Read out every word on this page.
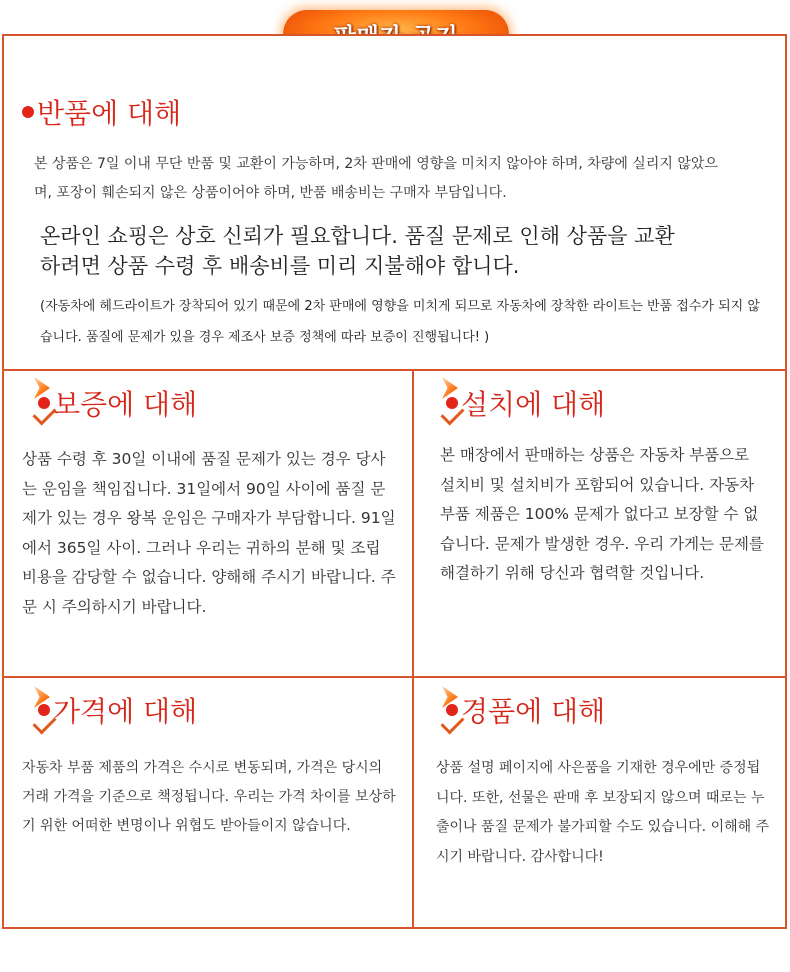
반품에 대해

본 상품은 7일 이내 무단 반품 및 교환이 가능하며, 2차 판매에 영향을 미치지 않아야 하며, 차량에 실리지 않았으며, 포장이 훼손되지 않은 상품이어야 하며, 반품 배송비는 구매자 부담입니다.

온라인 쇼핑은 상호 신뢰가 필요합니다. 품질 문제로 인해 상품을 교환하려면 상품 수령 후 배송비를 미리 지불해야 합니다.

(자동차에 헤드라이트가 장착되어 있기 때문에 2차 판매에 영향을 미치게 되므로 자동차에 장착한 라이트는 반품 접수가 되지 않습니다. 품질에 문제가 있을 경우 제조사 보증 정책에 따라 보증이 진행됩니다! )

보증에 대해

상품 수령 후 30일 이내에 품질 문제가 있는 경우 당사는 운임을 책임집니다. 31일에서 90일 사이에 품질 문제가 있는 경우 왕복 운임은 구매자가 부담합니다. 91일에서 365일 사이. 그러나 우리는 귀하의 분해 및 조립 비용을 감당할 수 없습니다. 양해해 주시기 바랍니다. 주문 시 주의하시기 바랍니다.

설치에 대해

본 매장에서 판매하는 상품은 자동차 부품으로 설치비 및 설치비가 포함되어 있습니다. 자동차 부품 제품은 100% 문제가 없다고 보장할 수 없습니다. 문제가 발생한 경우. 우리 가게는 문제를 해결하기 위해 당신과 협력할 것입니다.

가격에 대해

자동차 부품 제품의 가격은 수시로 변동되며, 가격은 당시의 거래 가격을 기준으로 책정됩니다. 우리는 가격 차이를 보상하기 위한 어떠한 변명이나 위협도 받아들이지 않습니다.

경품에 대해

상품 설명 페이지에 사은품을 기재한 경우에만 증정됩니다. 또한, 선물은 판매 후 보장되지 않으며 때로는 누출이나 품질 문제가 불가피할 수도 있습니다. 이해해 주시기 바랍니다. 감사합니다!
